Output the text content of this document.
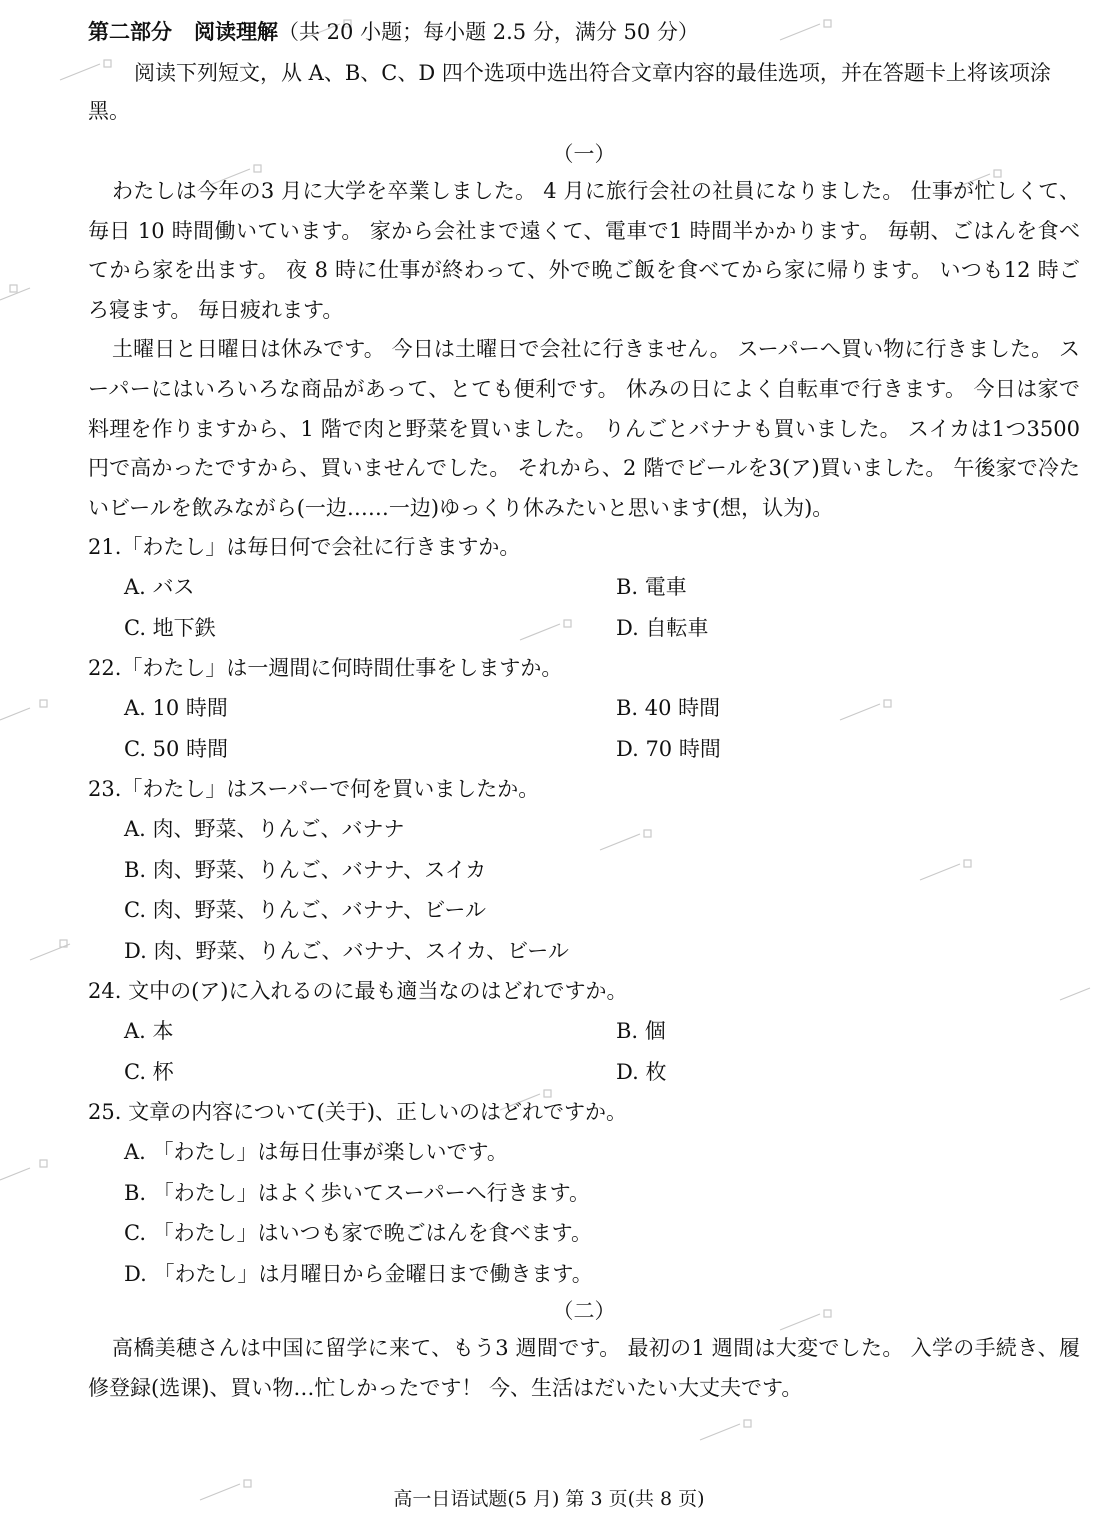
第二部分 阅读理解（共 20 小题；每小题 2.5 分，满分 50 分）

阅读下列短文，从 A、B、C、D 四个选项中选出符合文章内容的最佳选项，并在答题卡上将该项涂黑。

（一）

わたしは今年の3 月に大学を卒業しました。 4 月に旅行会社の社員になりました。 仕事が忙しくて、毎日 10 時間働いています。 家から会社まで遠くて、電車で1 時間半かかります。 毎朝、ごはんを食べてから家を出ます。 夜 8 時に仕事が終わって、外で晩ご飯を食べてから家に帰ります。 いつも12 時ごろ寝ます。 毎日疲れます。

土曜日と日曜日は休みです。 今日は土曜日で会社に行きません。 スーパーへ買い物に行きました。 スーパーにはいろいろな商品があって、とても便利です。 休みの日によく自転車で行きます。 今日は家で料理を作りますから、1 階で肉と野菜を買いました。 りんごとバナナも買いました。 スイカは1つ3500 円で高かったですから、買いませんでした。 それから、2 階でビールを3(ア)買いました。 午後家で冷たいビールを飲みながら(一边……一边)ゆっくり休みたいと思います(想，认为)。

21.「わたし」は毎日何で会社に行きますか。
A. バス	B. 電車
C. 地下鉄	D. 自転車
22.「わたし」は一週間に何時間仕事をしますか。
A. 10 時間	B. 40 時間
C. 50 時間	D. 70 時間
23.「わたし」はスーパーで何を買いましたか。
A. 肉、野菜、りんご、バナナ
B. 肉、野菜、りんご、バナナ、スイカ
C. 肉、野菜、りんご、バナナ、ビール
D. 肉、野菜、りんご、バナナ、スイカ、ビール
24. 文中の(ア)に入れるのに最も適当なのはどれですか。
A. 本	B. 個
C. 杯	D. 枚
25. 文章の内容について(关于)、正しいのはどれですか。
A. 「わたし」は毎日仕事が楽しいです。
B. 「わたし」はよく歩いてスーパーへ行きます。
C. 「わたし」はいつも家で晩ごはんを食べます。
D. 「わたし」は月曜日から金曜日まで働きます。

（二）

高橋美穂さんは中国に留学に来て、もう3 週間です。 最初の1 週間は大変でした。 入学の手続き、履修登録(选课)、買い物…忙しかったです！ 今、生活はだいたい大丈夫です。

高一日语试题(5 月) 第 3 页(共 8 页)
